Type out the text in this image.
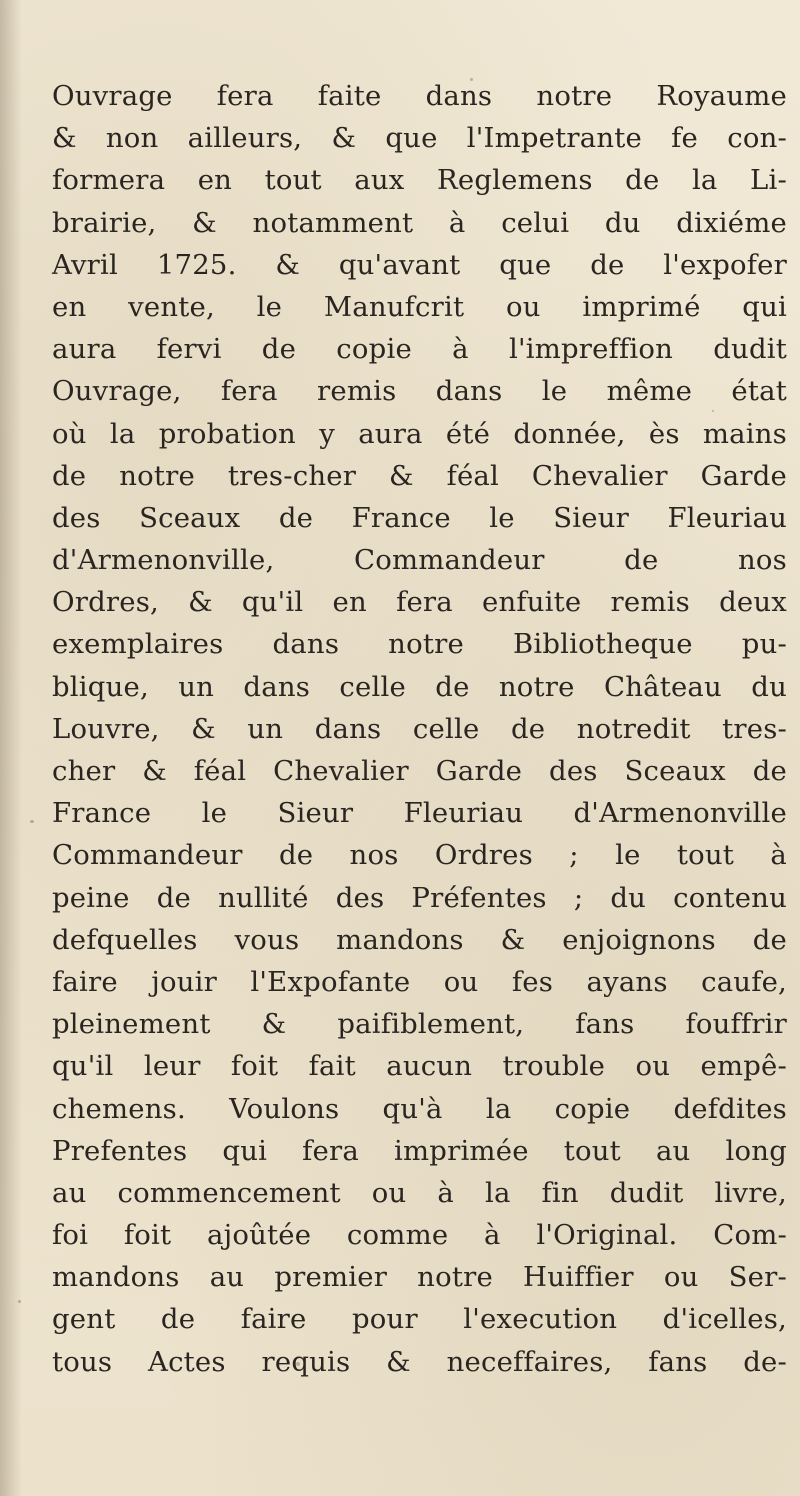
Ouvrage fera faite dans notre Royaume
& non ailleurs, & que l'Impetrante fe con-
formera en tout aux Reglemens de la Li-
brairie, & notamment à celui du dixiéme
Avril 1725. & qu'avant que de l'expofer
en vente, le Manufcrit ou imprimé qui
aura fervi de copie à l'impreffion dudit
Ouvrage, fera remis dans le même état
où la probation y aura été donnée, ès mains
de notre tres-cher & féal Chevalier Garde
des Sceaux de France le Sieur Fleuriau
d'Armenonville, Commandeur de nos
Ordres, & qu'il en fera enfuite remis deux
exemplaires dans notre Bibliotheque pu-
blique, un dans celle de notre Château du
Louvre, & un dans celle de notredit tres-
cher & féal Chevalier Garde des Sceaux de
France le Sieur Fleuriau d'Armenonville
Commandeur de nos Ordres ; le tout à
peine de nullité des Préfentes ; du contenu
defquelles vous mandons & enjoignons de
faire jouir l'Expofante ou fes ayans caufe,
pleinement & paifiblement, fans fouffrir
qu'il leur foit fait aucun trouble ou empê-
chemens. Voulons qu'à la copie defdites
Prefentes qui fera imprimée tout au long
au commencement ou à la fin dudit livre,
foi foit ajoûtée comme à l'Original. Com-
mandons au premier notre Huiffier ou Ser-
gent de faire pour l'execution d'icelles,
tous Actes requis & neceffaires, fans de-
